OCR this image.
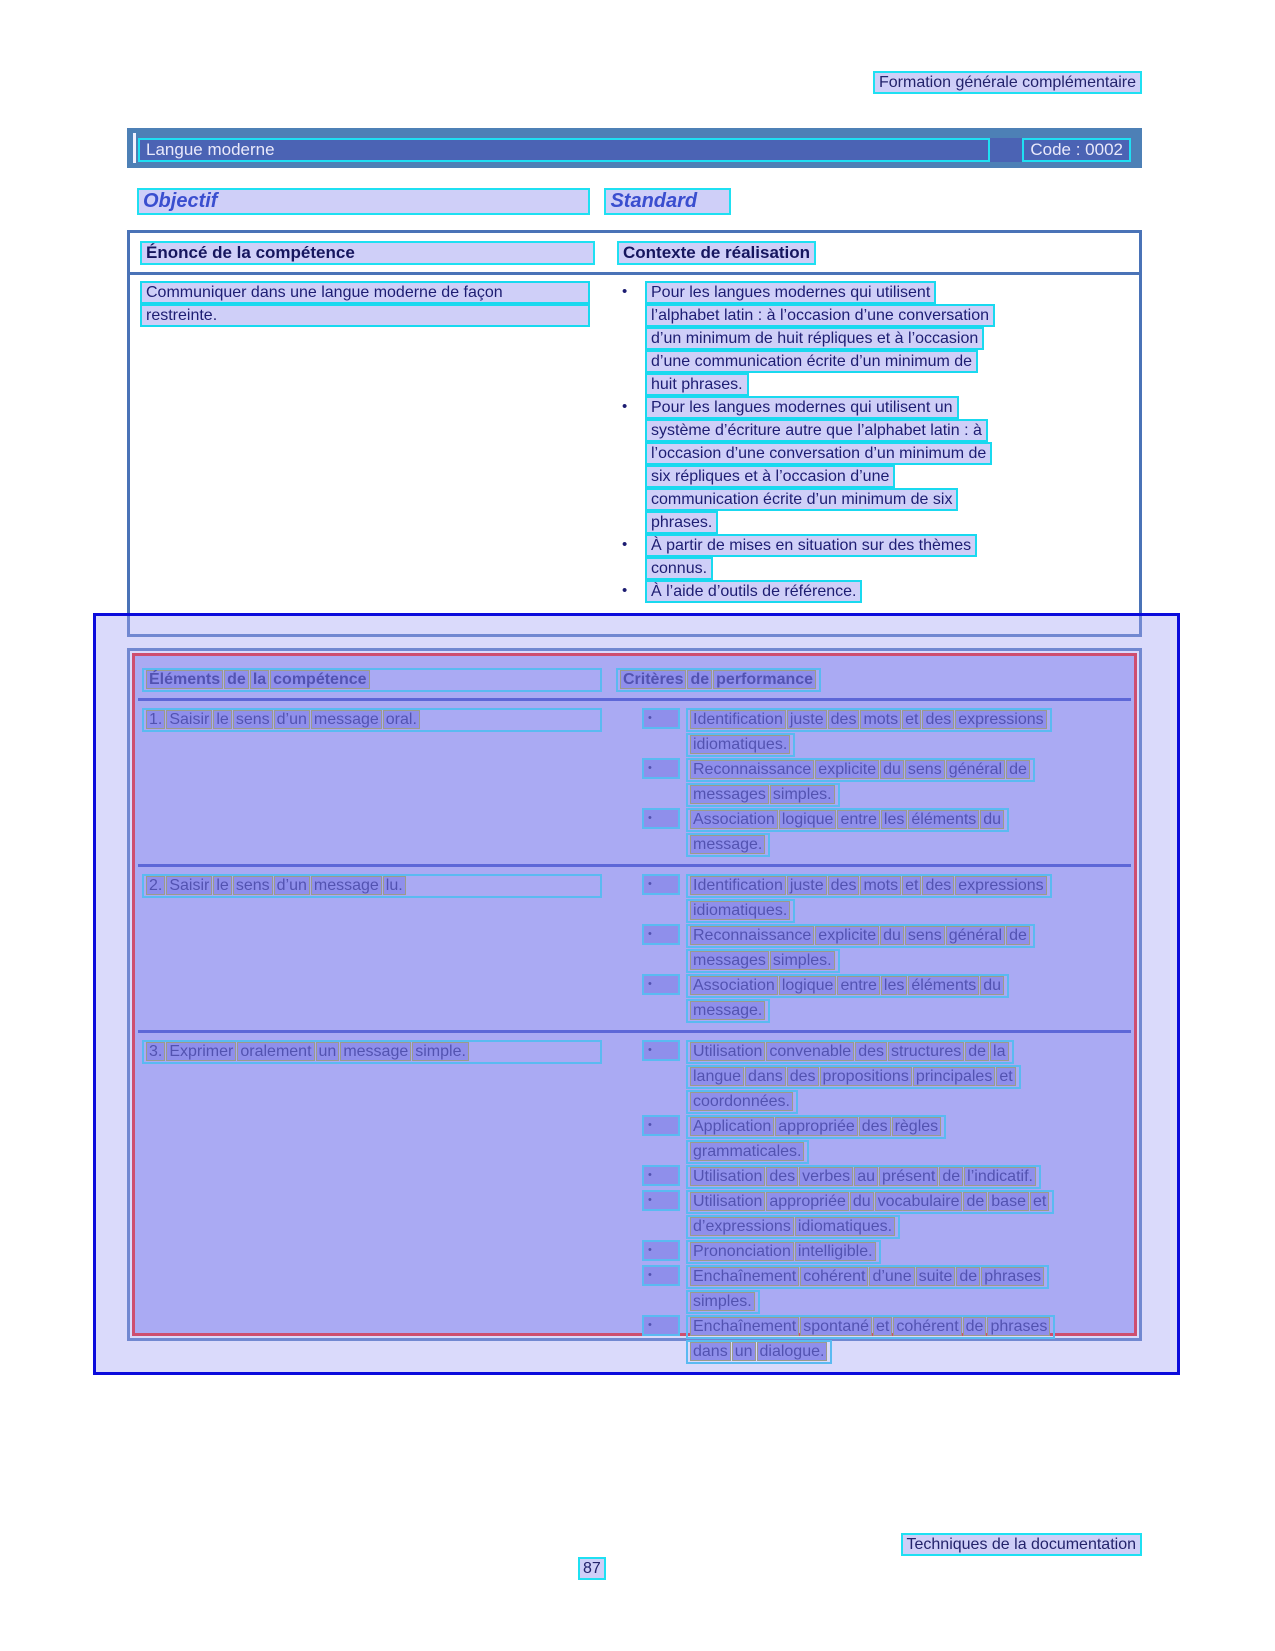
Formation générale complémentaire
Langue moderne	Code : 0002
Objectif	Standard
Énoncé de la compétence	Contexte de réalisation
Communiquer dans une langue moderne de façon
restreinte.
• Pour les langues modernes qui utilisent
l’alphabet latin : à l’occasion d’une conversation
d’un minimum de huit répliques et à l’occasion
d’une communication écrite d’un minimum de
huit phrases.
• Pour les langues modernes qui utilisent un
système d’écriture autre que l’alphabet latin : à
l’occasion d’une conversation d’un minimum de
six répliques et à l’occasion d’une
communication écrite d’un minimum de six
phrases.
• À partir de mises en situation sur des thèmes
connus.
• À l’aide d’outils de référence.
Éléments de la compétence	Critères de performance
1. Saisir le sens d’un message oral.	•	Identification juste des mots et des expressions
idiomatiques.
•	Reconnaissance explicite du sens général de
messages simples.
•	Association logique entre les éléments du
message.
2. Saisir le sens d’un message lu.	•	Identification juste des mots et des expressions
idiomatiques.
•	Reconnaissance explicite du sens général de
messages simples.
•	Association logique entre les éléments du
message.
3. Exprimer oralement un message simple.	•	Utilisation convenable des structures de la
langue dans des propositions principales et
coordonnées.
•	Application appropriée des règles
grammaticales.
•	Utilisation des verbes au présent de l’indicatif.
•	Utilisation appropriée du vocabulaire de base et
d’expressions idiomatiques.
•	Prononciation intelligible.
•	Enchaînement cohérent d’une suite de phrases
simples.
•	Enchaînement spontané et cohérent de phrases
dans un dialogue.
Techniques de la documentation
87
